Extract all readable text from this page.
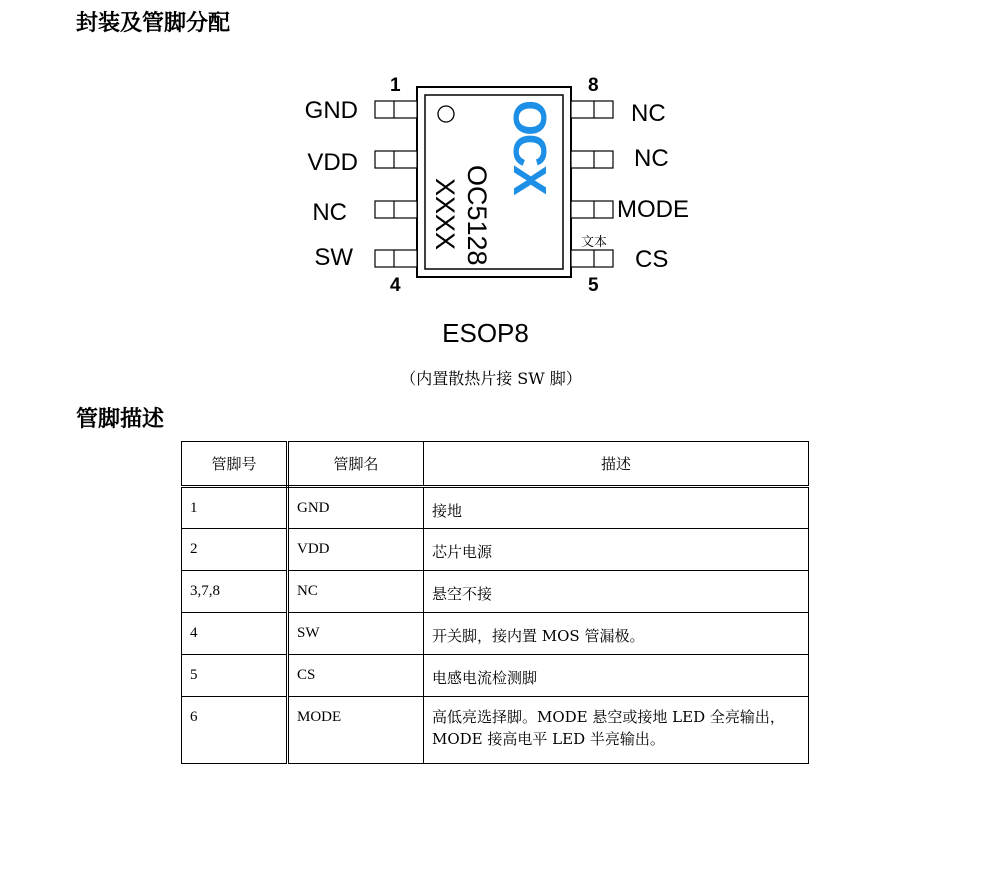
封装及管脚分配
GND
VDD
NC
SW
NC
NC
MODE
CS
1
4
8
5
文本
OC5128
XXXX
OCX
ESOP8
（内置散热片接 SW 脚）
管脚描述
管脚号	管脚名	描述
1	GND	接地
2	VDD	芯片电源
3,7,8	NC	悬空不接
4	SW	开关脚，接内置 MOS 管漏极。
5	CS	电感电流检测脚
6	MODE	高低亮选择脚。MODE 悬空或接地 LED 全亮输出，
MODE 接高电平 LED 半亮输出。
